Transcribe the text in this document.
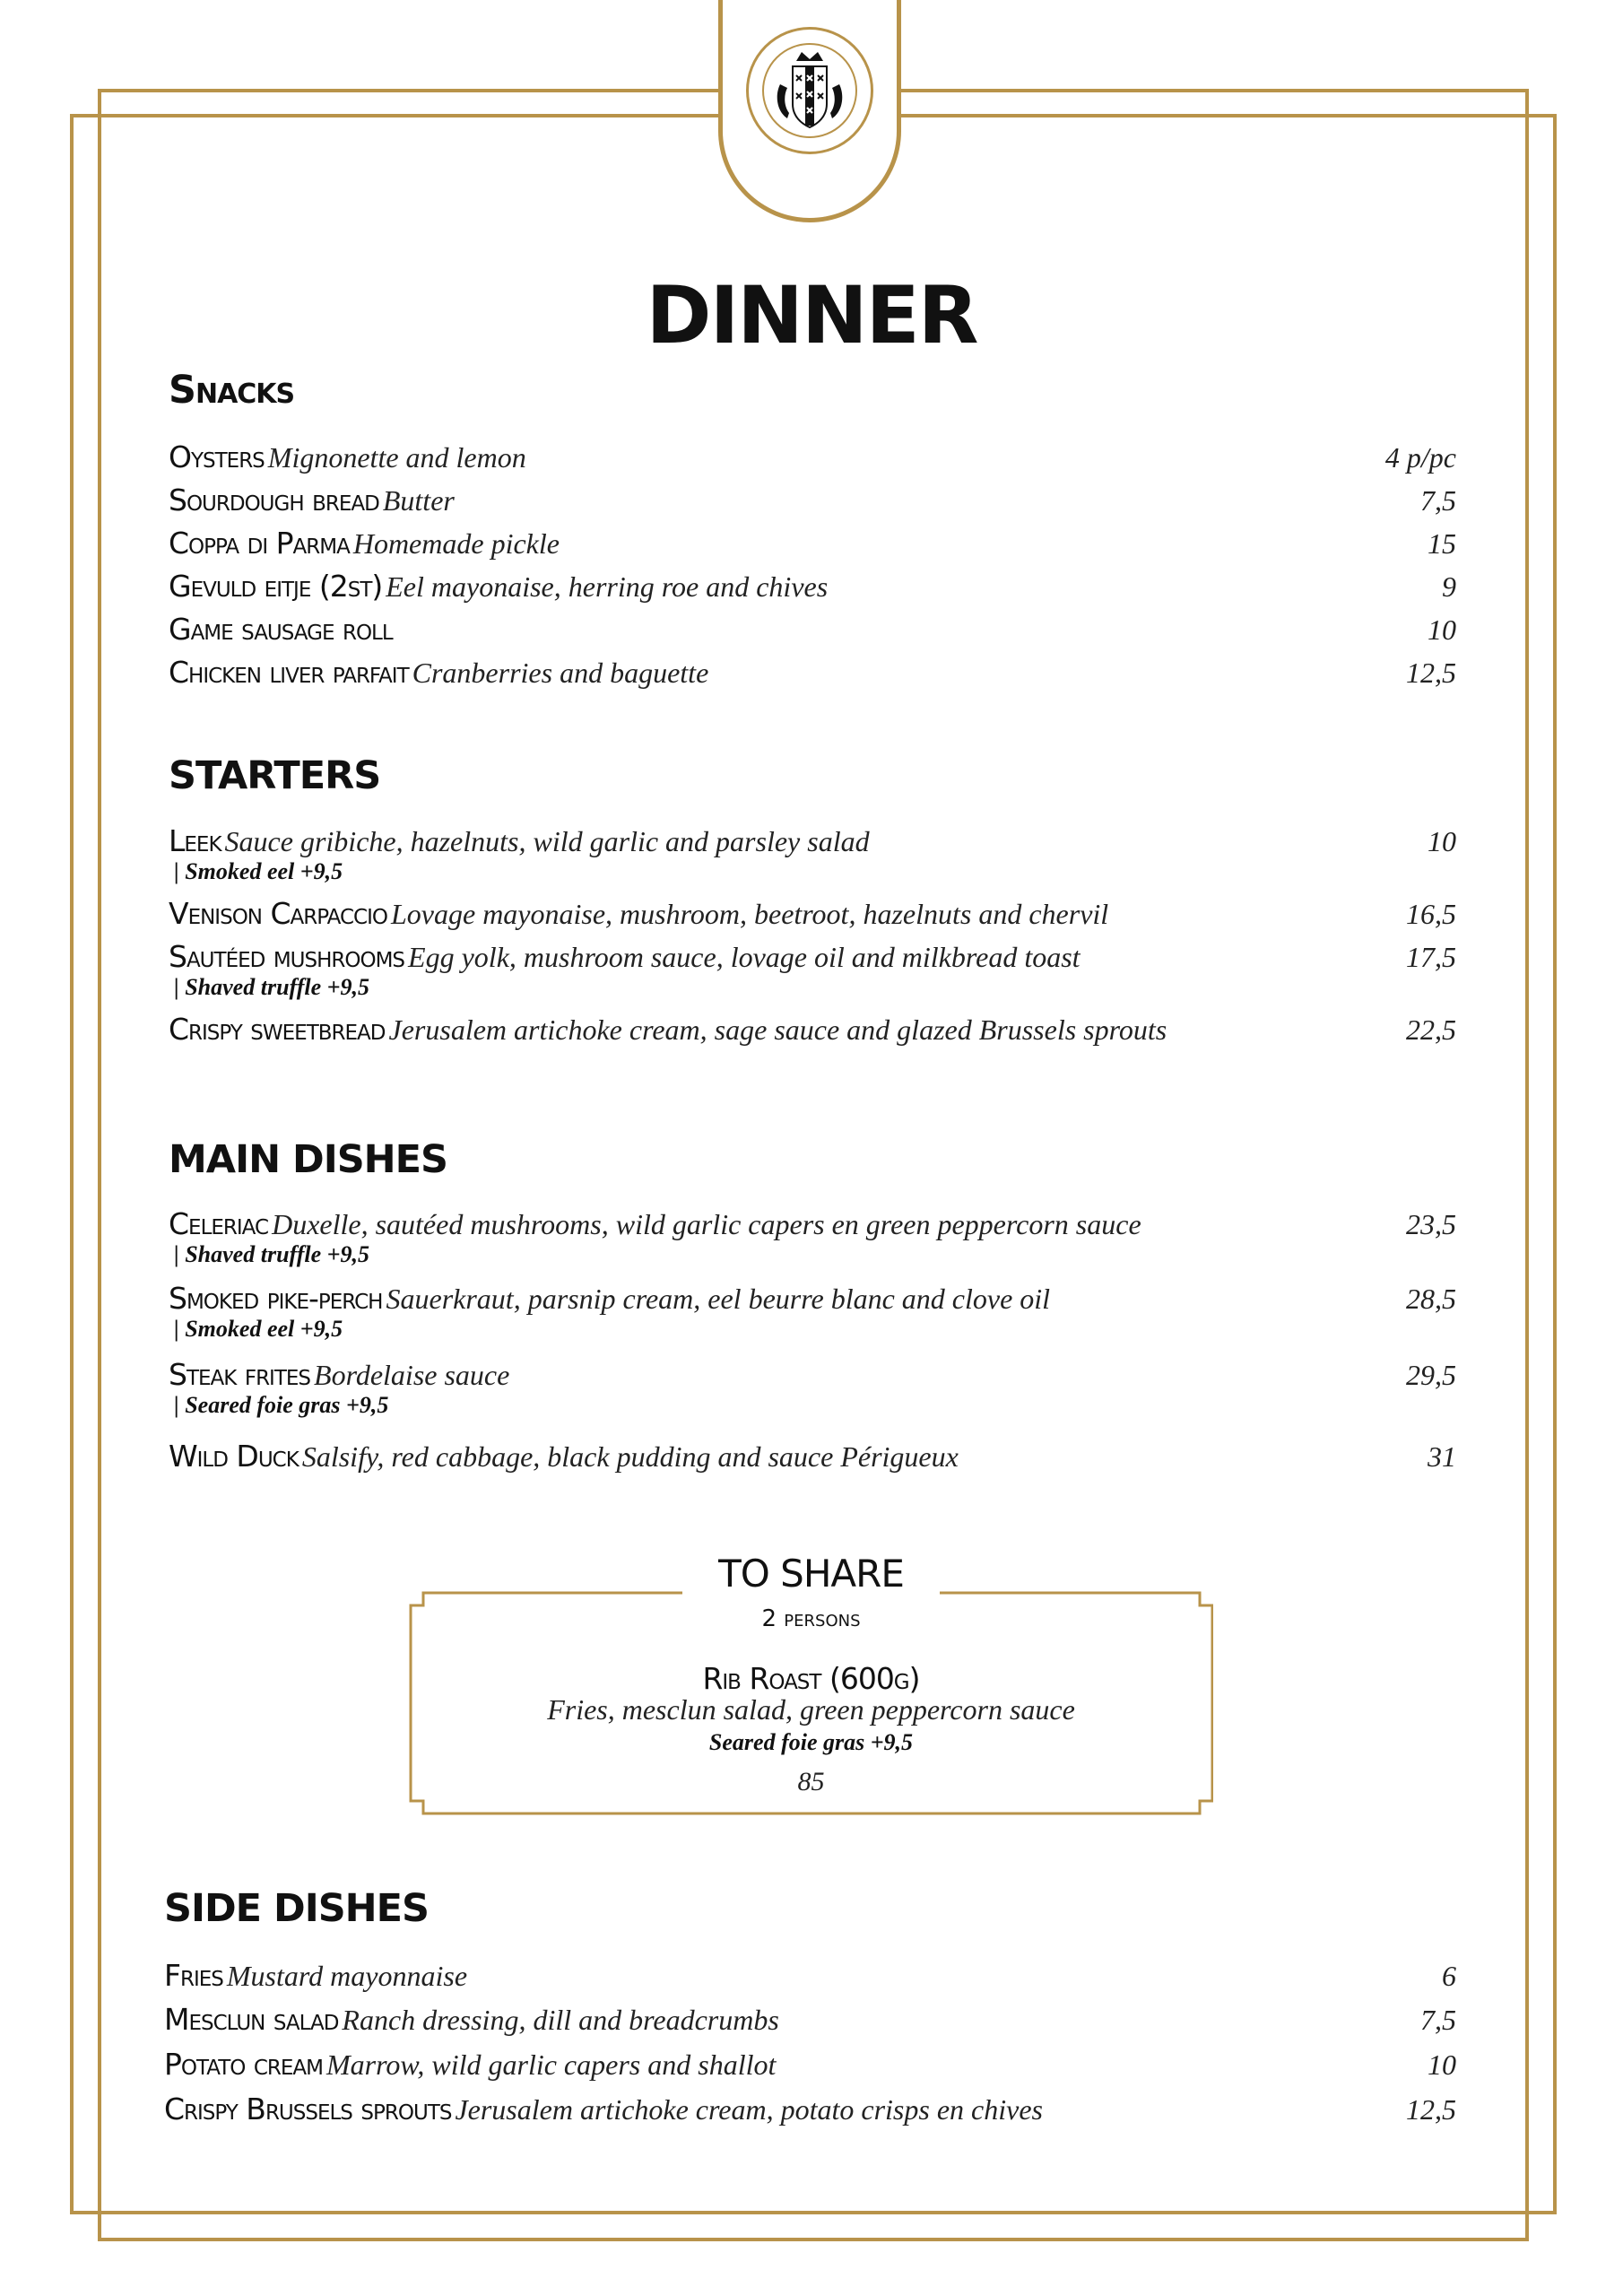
DINNER
Snacks
Oysters Mignonette and lemon	4 p/pc
Sourdough bread Butter	7,5
Coppa di Parma Homemade pickle	15
Gevuld eitje (2st) Eel mayonaise, herring roe and chives	9
Game sausage roll	10
Chicken liver parfait Cranberries and baguette	12,5
STARTERS
Leek Sauce gribiche, hazelnuts, wild garlic and parsley salad	10
| Smoked eel +9,5
Venison Carpaccio Lovage mayonaise, mushroom, beetroot, hazelnuts and chervil	16,5
Sautéed mushrooms Egg yolk, mushroom sauce, lovage oil and milkbread toast	17,5
| Shaved truffle +9,5
Crispy sweetbread Jerusalem artichoke cream, sage sauce and glazed Brussels sprouts	22,5
MAIN DISHES
Celeriac Duxelle, sautéed mushrooms, wild garlic capers en green peppercorn sauce	23,5
| Shaved truffle +9,5
Smoked pike-perch Sauerkraut, parsnip cream, eel beurre blanc and clove oil	28,5
| Smoked eel +9,5
Steak frites Bordelaise sauce	29,5
| Seared foie gras +9,5
Wild Duck Salsify, red cabbage, black pudding and sauce Périgueux	31
TO SHARE
2 persons
Rib Roast (600g)
Fries, mesclun salad, green peppercorn sauce
Seared foie gras +9,5
85
SIDE DISHES
Fries Mustard mayonnaise	6
Mesclun salad Ranch dressing, dill and breadcrumbs	7,5
Potato cream Marrow, wild garlic capers and shallot	10
Crispy Brussels sprouts Jerusalem artichoke cream, potato crisps en chives	12,5
